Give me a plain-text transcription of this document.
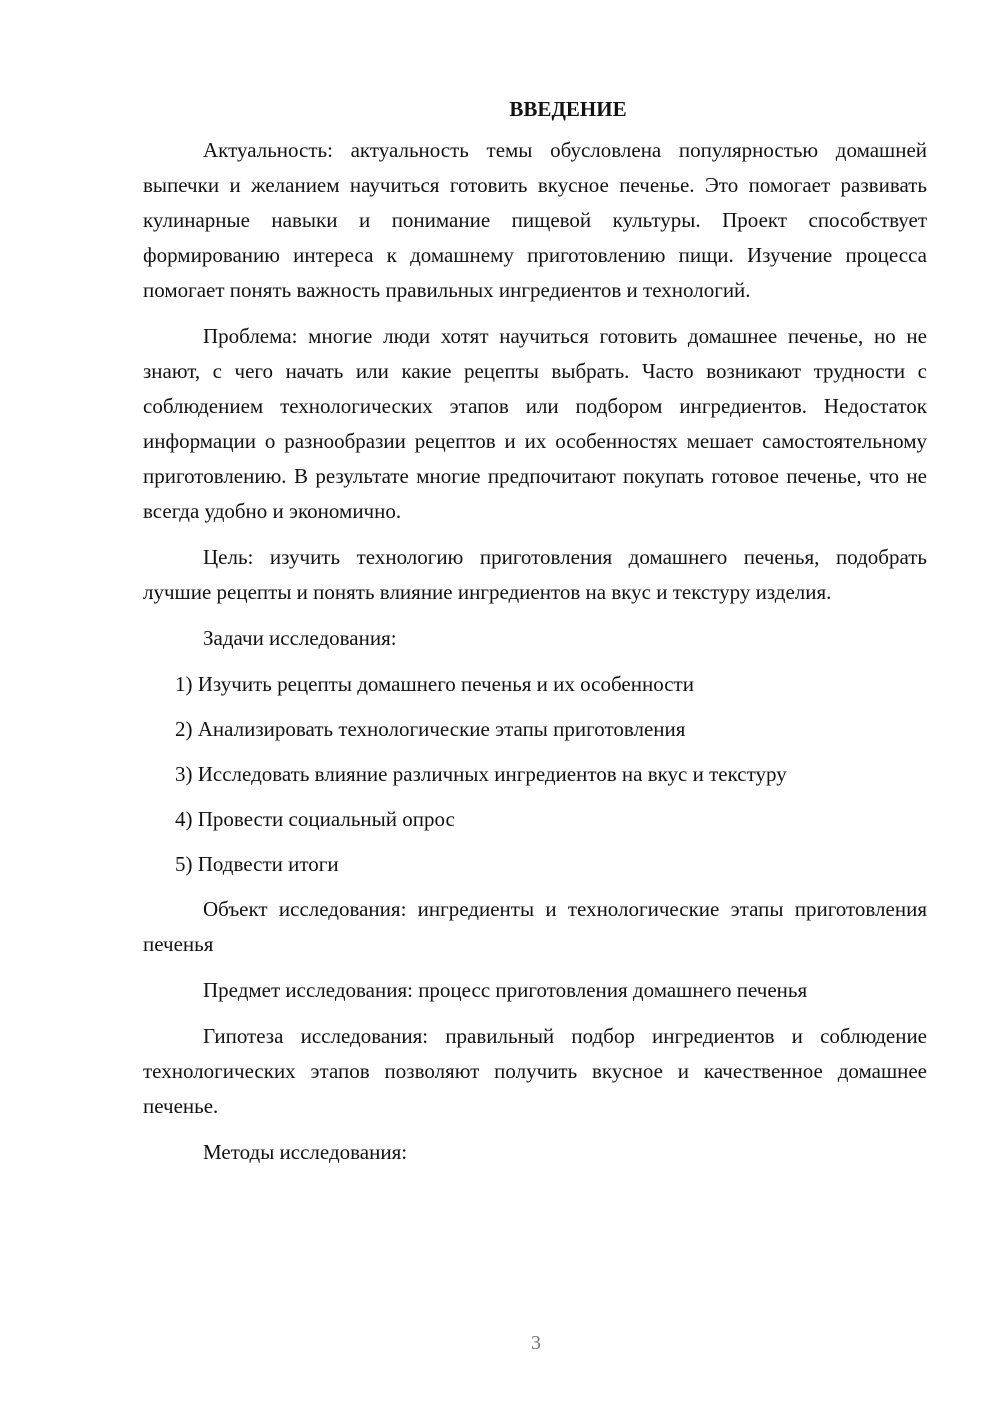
ВВЕДЕНИЕ

Актуальность: актуальность темы обусловлена популярностью домашней выпечки и желанием научиться готовить вкусное печенье. Это помогает развивать кулинарные навыки и понимание пищевой культуры. Проект способствует формированию интереса к домашнему приготовлению пищи. Изучение процесса помогает понять важность правильных ингредиентов и технологий.

Проблема: многие люди хотят научиться готовить домашнее печенье, но не знают, с чего начать или какие рецепты выбрать. Часто возникают трудности с соблюдением технологических этапов или подбором ингредиентов. Недостаток информации о разнообразии рецептов и их особенностях мешает самостоятельному приготовлению. В результате многие предпочитают покупать готовое печенье, что не всегда удобно и экономично.

Цель: изучить технологию приготовления домашнего печенья, подобрать лучшие рецепты и понять влияние ингредиентов на вкус и текстуру изделия.

Задачи исследования:

1) Изучить рецепты домашнего печенья и их особенности
2) Анализировать технологические этапы приготовления
3) Исследовать влияние различных ингредиентов на вкус и текстуру
4) Провести социальный опрос
5) Подвести итоги

Объект исследования: ингредиенты и технологические этапы приготовления печенья

Предмет исследования: процесс приготовления домашнего печенья

Гипотеза исследования: правильный подбор ингредиентов и соблюдение технологических этапов позволяют получить вкусное и качественное домашнее печенье.

Методы исследования:

3
